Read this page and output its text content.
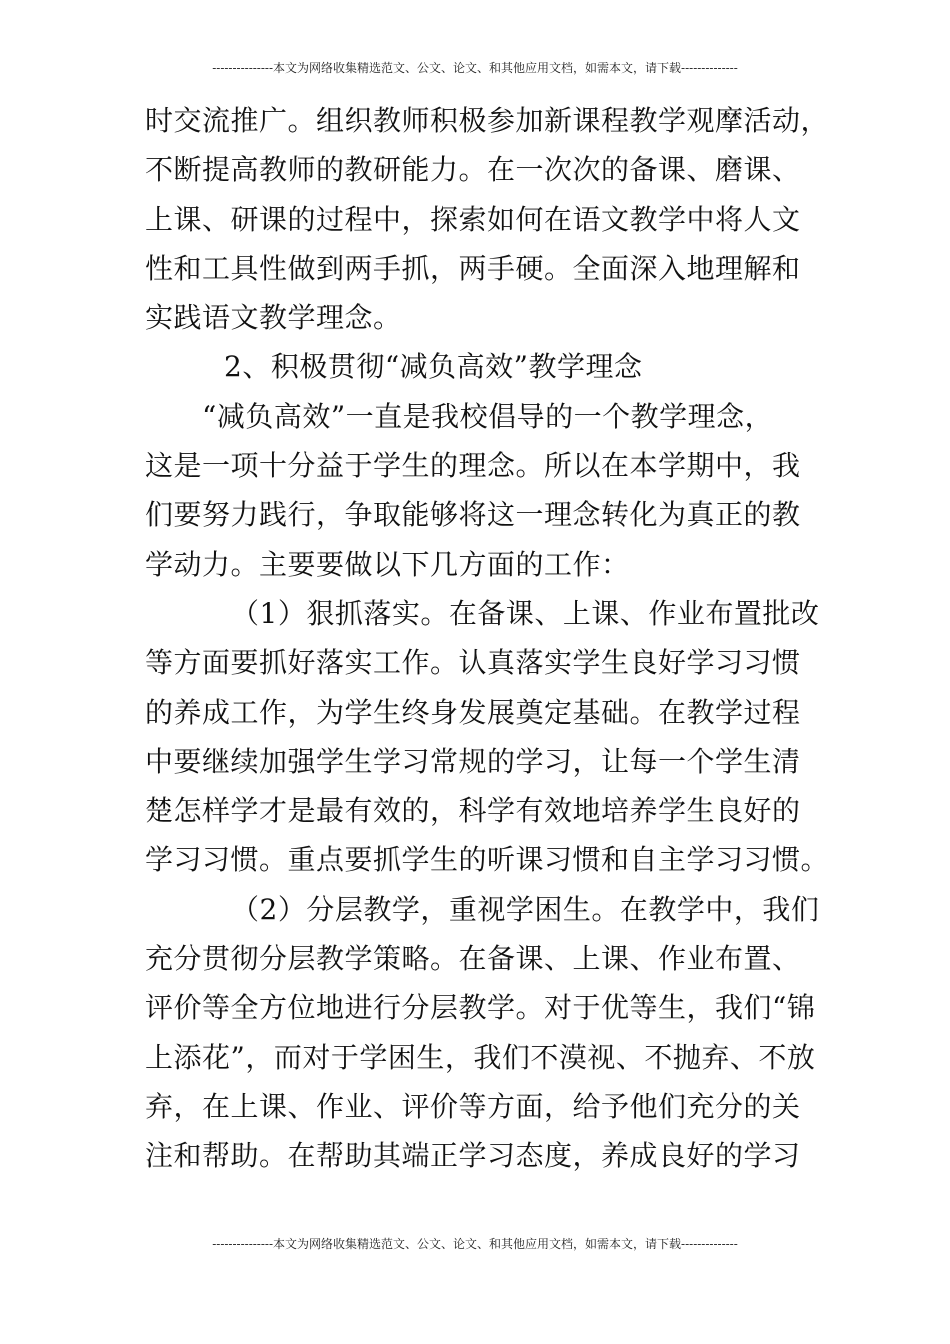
---------------本文为网络收集精选范文、公文、论文、和其他应用文档，如需本文，请下载--------------
时交流推广。组织教师积极参加新课程教学观摩活动，
不断提高教师的教研能力。在一次次的备课、磨课、
上课、研课的过程中，探索如何在语文教学中将人文
性和工具性做到两手抓，两手硬。全面深入地理解和
实践语文教学理念。
2、积极贯彻“减负高效”教学理念
“减负高效”一直是我校倡导的一个教学理念，
这是一项十分益于学生的理念。所以在本学期中，我
们要努力践行，争取能够将这一理念转化为真正的教
学动力。主要要做以下几方面的工作：
（1）狠抓落实。在备课、上课、作业布置批改
等方面要抓好落实工作。认真落实学生良好学习习惯
的养成工作，为学生终身发展奠定基础。在教学过程
中要继续加强学生学习常规的学习，让每一个学生清
楚怎样学才是最有效的，科学有效地培养学生良好的
学习习惯。重点要抓学生的听课习惯和自主学习习惯。
（2）分层教学，重视学困生。在教学中，我们
充分贯彻分层教学策略。在备课、上课、作业布置、
评价等全方位地进行分层教学。对于优等生，我们“锦
上添花”，而对于学困生，我们不漠视、不抛弃、不放
弃，在上课、作业、评价等方面，给予他们充分的关
注和帮助。在帮助其端正学习态度，养成良好的学习
---------------本文为网络收集精选范文、公文、论文、和其他应用文档，如需本文，请下载--------------
